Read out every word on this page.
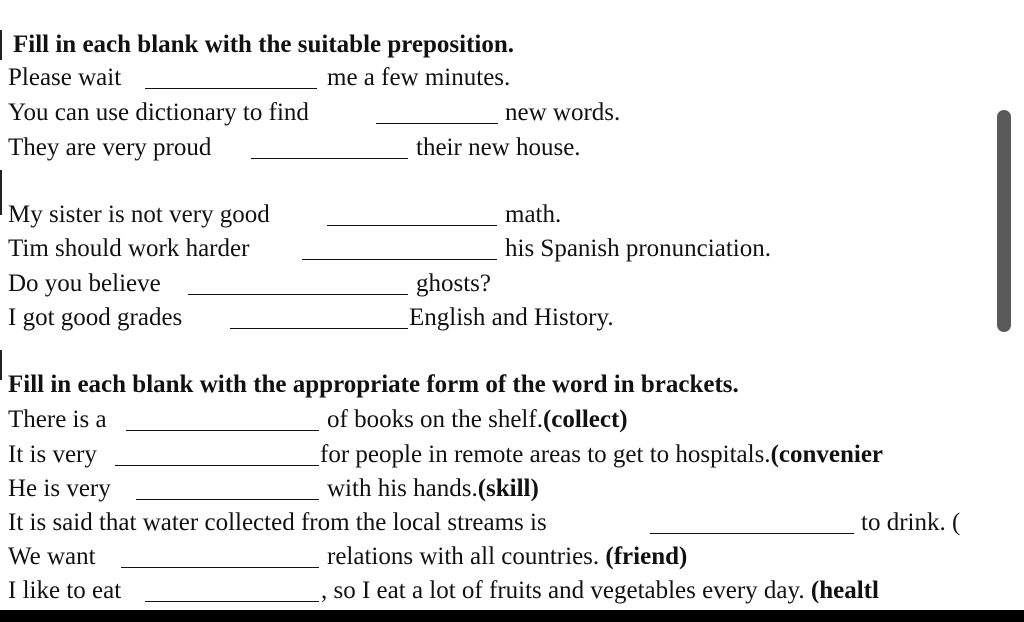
Fill in each blank with the suitable preposition.
Please wait	me a few minutes.
You can use dictionary to find	new words.
They are very proud	their new house.
My sister is not very good	math.
Tim should work harder	his Spanish pronunciation.
Do you believe	ghosts?
I got good grades	English and History.
Fill in each blank with the appropriate form of the word in brackets.
There is a	of books on the shelf.(collect)
It is very	for people in remote areas to get to hospitals.(convenier
He is very	with his hands.(skill)
It is said that water collected from the local streams is	to drink. (
We want	relations with all countries. (friend)
I like to eat	, so I eat a lot of fruits and vegetables every day. (healtl
